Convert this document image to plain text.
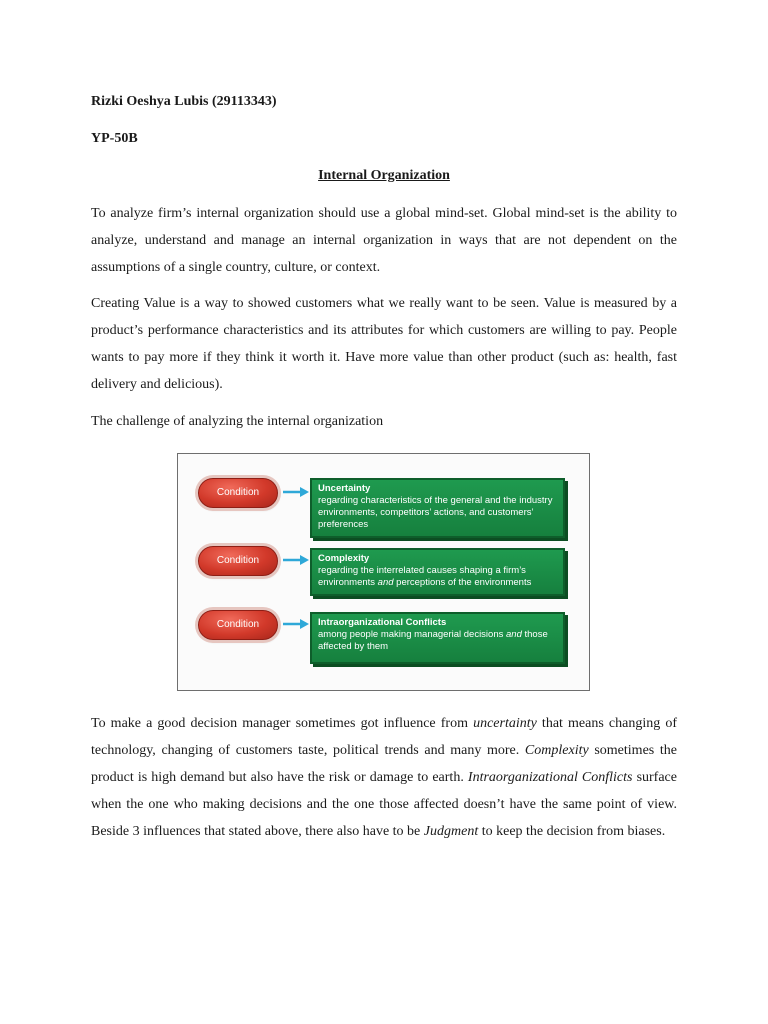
Rizki Oeshya Lubis (29113343)
YP-50B
Internal Organization

To analyze firm’s internal organization should use a global mind-set. Global mind-set is the ability to analyze, understand and manage an internal organization in ways that are not dependent on the assumptions of a single country, culture, or context.

Creating Value is a way to showed customers what we really want to be seen. Value is measured by a product’s performance characteristics and its attributes for which customers are willing to pay. People wants to pay more if they think it worth it. Have more value than other product (such as: health, fast delivery and delicious).

The challenge of analyzing the internal organization

Condition	Uncertainty
regarding characteristics of the general and the industry environments, competitors’ actions, and customers’ preferences
Condition	Complexity
regarding the interrelated causes shaping a firm’s environments and perceptions of the environments
Condition	Intraorganizational Conflicts
among people making managerial decisions and those affected by them

To make a good decision manager sometimes got influence from uncertainty that means changing of technology, changing of customers taste, political trends and many more. Complexity sometimes the product is high demand but also have the risk or damage to earth. Intraorganizational Conflicts surface when the one who making decisions and the one those affected doesn’t have the same point of view. Beside 3 influences that stated above, there also have to be Judgment to keep the decision from biases.
